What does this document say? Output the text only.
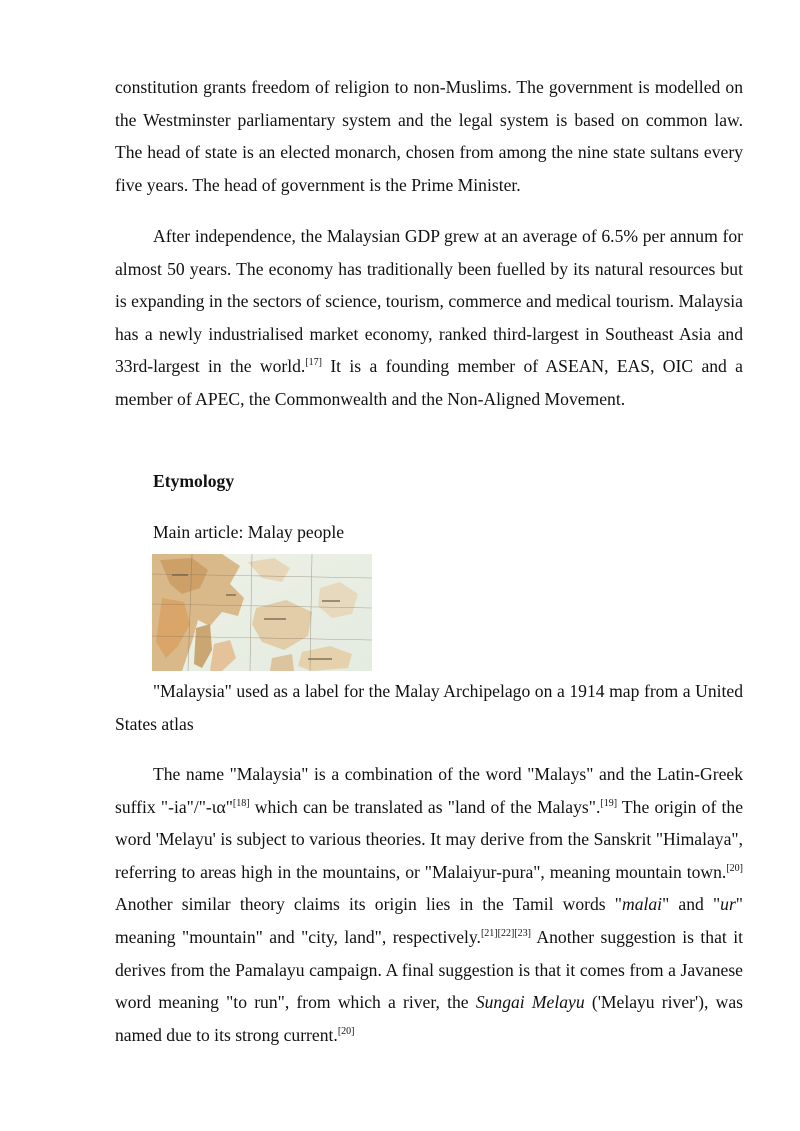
constitution grants freedom of religion to non-Muslims. The government is modelled on the Westminster parliamentary system and the legal system is based on common law. The head of state is an elected monarch, chosen from among the nine state sultans every five years. The head of government is the Prime Minister.

After independence, the Malaysian GDP grew at an average of 6.5% per annum for almost 50 years. The economy has traditionally been fuelled by its natural resources but is expanding in the sectors of science, tourism, commerce and medical tourism. Malaysia has a newly industrialised market economy, ranked third-largest in Southeast Asia and 33rd-largest in the world.[17] It is a founding member of ASEAN, EAS, OIC and a member of APEC, the Commonwealth and the Non-Aligned Movement.

Etymology

Main article: Malay people

"Malaysia" used as a label for the Malay Archipelago on a 1914 map from a United States atlas

The name "Malaysia" is a combination of the word "Malays" and the Latin-Greek suffix "-ia"/"-ια"[18] which can be translated as "land of the Malays".[19] The origin of the word 'Melayu' is subject to various theories. It may derive from the Sanskrit "Himalaya", referring to areas high in the mountains, or "Malaiyur-pura", meaning mountain town.[20] Another similar theory claims its origin lies in the Tamil words "malai" and "ur" meaning "mountain" and "city, land", respectively.[21][22][23] Another suggestion is that it derives from the Pamalayu campaign. A final suggestion is that it comes from a Javanese word meaning "to run", from which a river, the Sungai Melayu ('Melayu river'), was named due to its strong current.[20]
